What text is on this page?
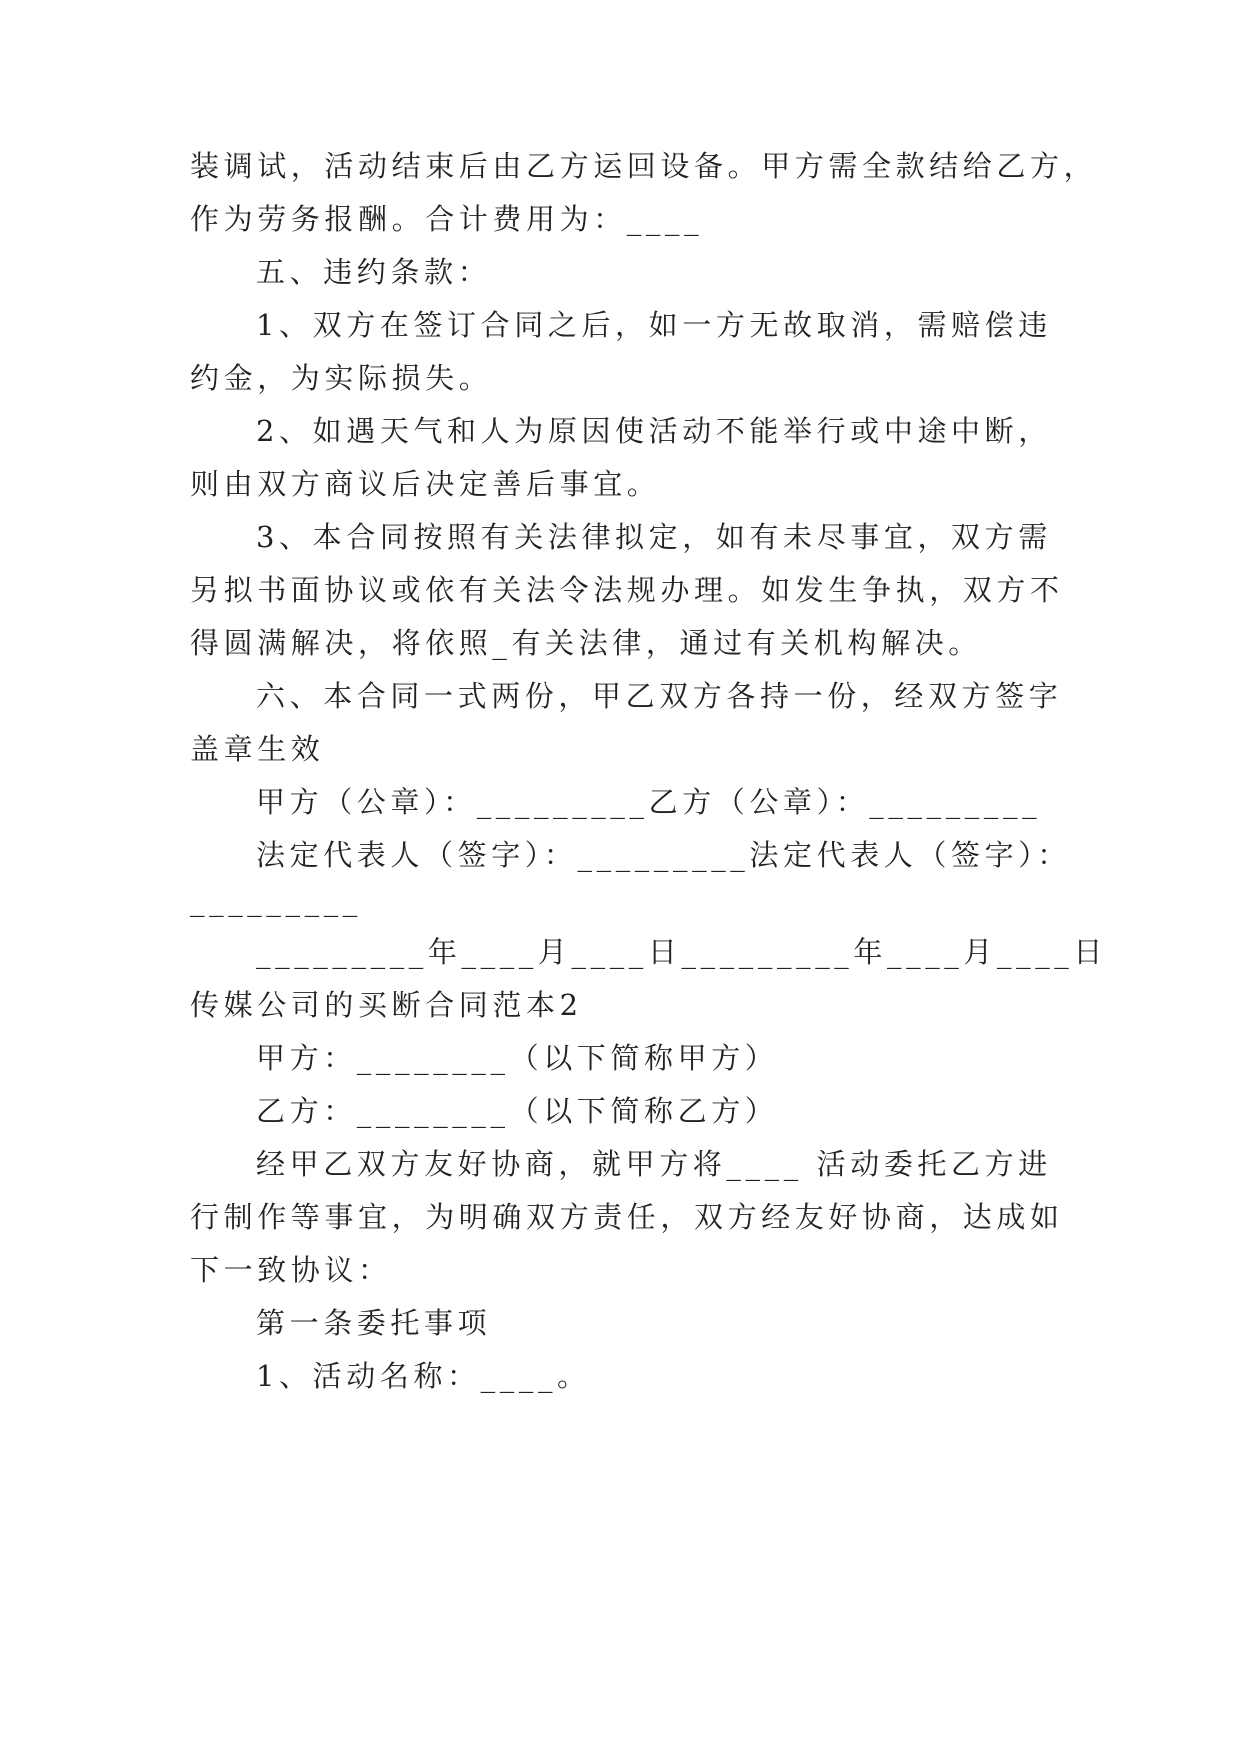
装调试，活动结束后由乙方运回设备。甲方需全款结给乙方，
作为劳务报酬。合计费用为：____
五、违约条款：
1、双方在签订合同之后，如一方无故取消，需赔偿违
约金，为实际损失。
2、如遇天气和人为原因使活动不能举行或中途中断，
则由双方商议后决定善后事宜。
3、本合同按照有关法律拟定，如有未尽事宜，双方需
另拟书面协议或依有关法令法规办理。如发生争执，双方不
得圆满解决，将依照_有关法律，通过有关机构解决。
六、本合同一式两份，甲乙双方各持一份，经双方签字
盖章生效
甲方（公章）：_________乙方（公章）：_________
法定代表人（签字）：_________法定代表人（签字）：
_________
_________年____月____日_________年____月____日
传媒公司的买断合同范本2
甲方：________（以下简称甲方）
乙方：________（以下简称乙方）
经甲乙双方友好协商，就甲方将____ 活动委托乙方进
行制作等事宜，为明确双方责任，双方经友好协商，达成如
下一致协议：
第一条委托事项
1、活动名称：____。
